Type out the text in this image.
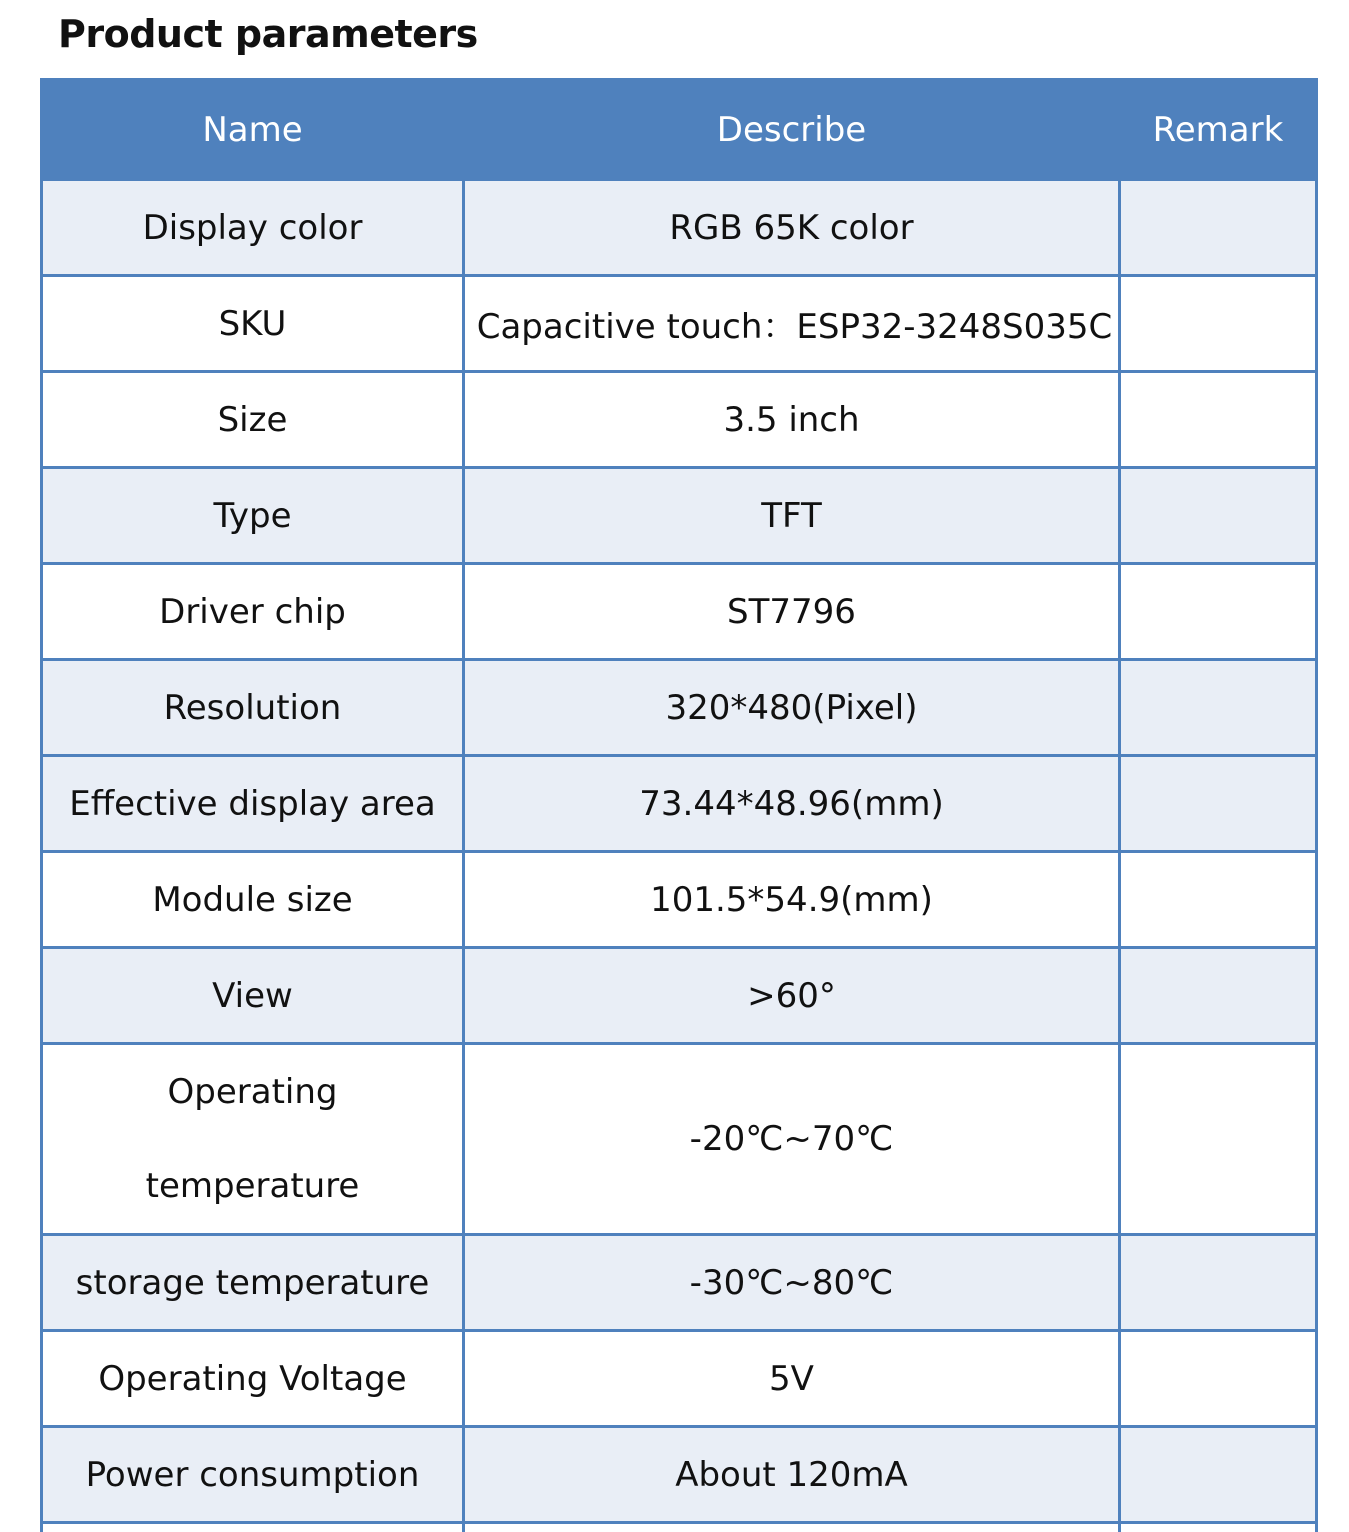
Product parameters
Name	Describe	Remark
Display color	RGB 65K color	
SKU	Capacitive touch：ESP32-3248S035C	
Size	3.5 inch	
Type	TFT	
Driver chip	ST7796	
Resolution	320*480(Pixel)	
Effective display area	73.44*48.96(mm)	
Module size	101.5*54.9(mm)	
View	>60°	

Operating
temperature	-20℃~70℃	
storage temperature	-30℃~80℃	
Operating Voltage	5V	
Power consumption	About 120mA	
